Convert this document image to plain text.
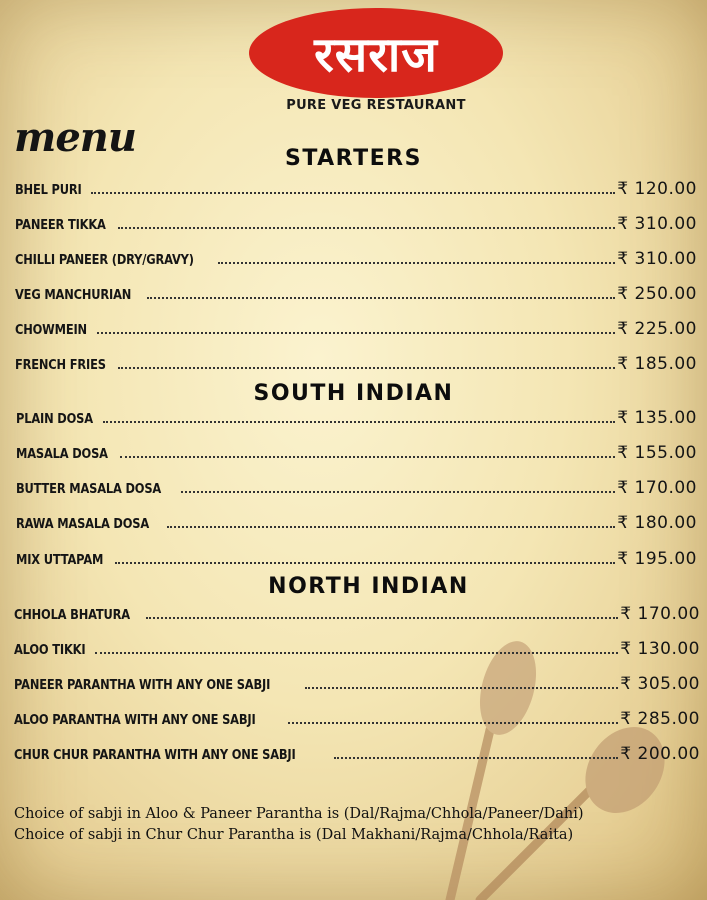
रसराज
PURE VEG RESTAURANT
menu	STARTERS
BHEL PURI	₹ 120.00
PANEER TIKKA	₹ 310.00
CHILLI PANEER (DRY/GRAVY)	₹ 310.00
VEG MANCHURIAN	₹ 250.00
CHOWMEIN	₹ 225.00
FRENCH FRIES	₹ 185.00
SOUTH INDIAN
PLAIN DOSA	₹ 135.00
MASALA DOSA	₹ 155.00
BUTTER MASALA DOSA	₹ 170.00
RAWA MASALA DOSA	₹ 180.00
MIX UTTAPAM	₹ 195.00
NORTH INDIAN
CHHOLA BHATURA	₹ 170.00
ALOO TIKKI	₹ 130.00
PANEER PARANTHA WITH ANY ONE SABJI	₹ 305.00
ALOO PARANTHA WITH ANY ONE SABJI	₹ 285.00
CHUR CHUR PARANTHA WITH ANY ONE SABJI	₹ 200.00
Choice of sabji in Aloo & Paneer Parantha is (Dal/Rajma/Chhola/Paneer/Dahi)
Choice of sabji in Chur Chur Parantha is (Dal Makhani/Rajma/Chhola/Raita)
